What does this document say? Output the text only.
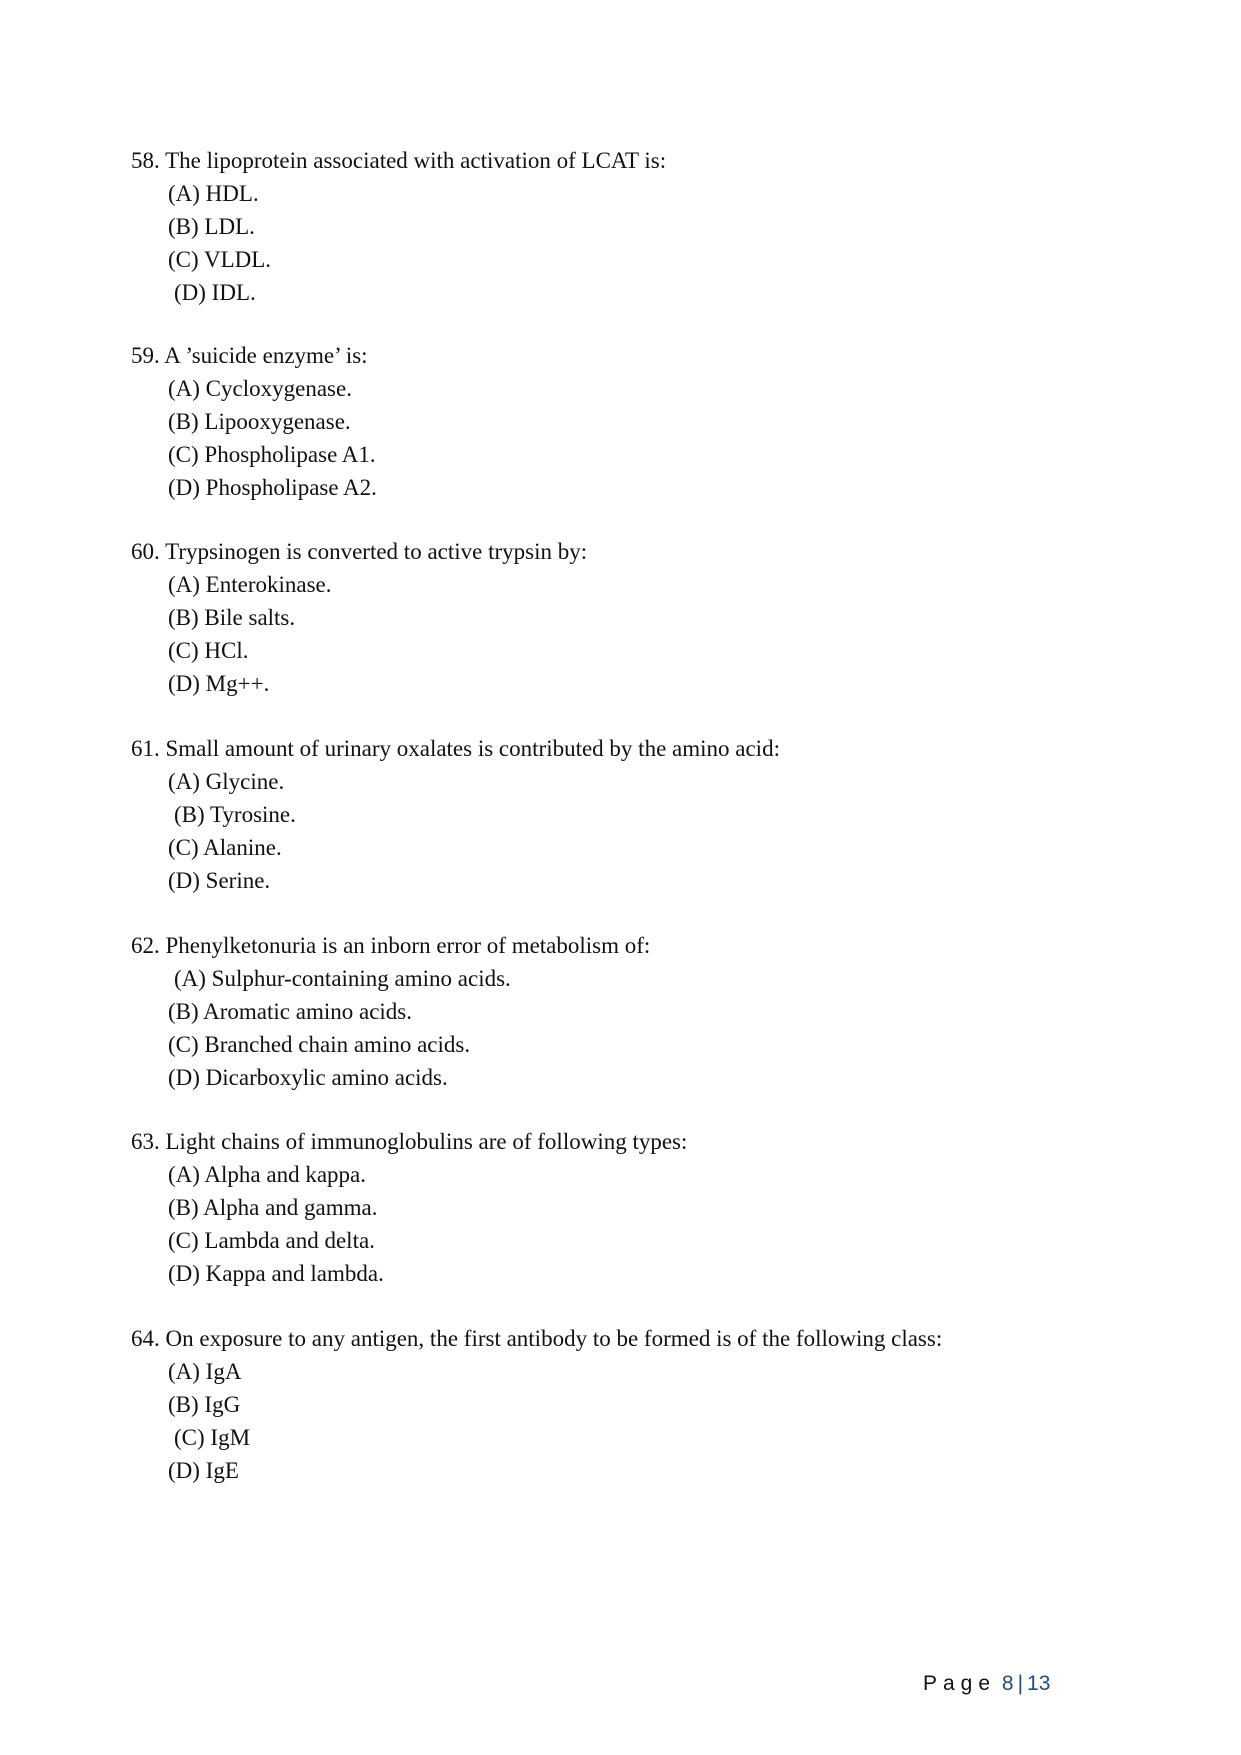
58. The lipoprotein associated with activation of LCAT is:
(A) HDL.
(B) LDL.
(C) VLDL.
(D) IDL.
59. A ’suicide enzyme’ is:
(A) Cycloxygenase.
(B) Lipooxygenase.
(C) Phospholipase A1.
(D) Phospholipase A2.
60. Trypsinogen is converted to active trypsin by:
(A) Enterokinase.
(B) Bile salts.
(C) HCl.
(D) Mg++.
61. Small amount of urinary oxalates is contributed by the amino acid:
(A) Glycine.
(B) Tyrosine.
(C) Alanine.
(D) Serine.
62. Phenylketonuria is an inborn error of metabolism of:
(A) Sulphur-containing amino acids.
(B) Aromatic amino acids.
(C) Branched chain amino acids.
(D) Dicarboxylic amino acids.
63. Light chains of immunoglobulins are of following types:
(A) Alpha and kappa.
(B) Alpha and gamma.
(C) Lambda and delta.
(D) Kappa and lambda.
64. On exposure to any antigen, the first antibody to be formed is of the following class:
(A) IgA
(B) IgG
(C) IgM
(D) IgE
Page 8 | 13
